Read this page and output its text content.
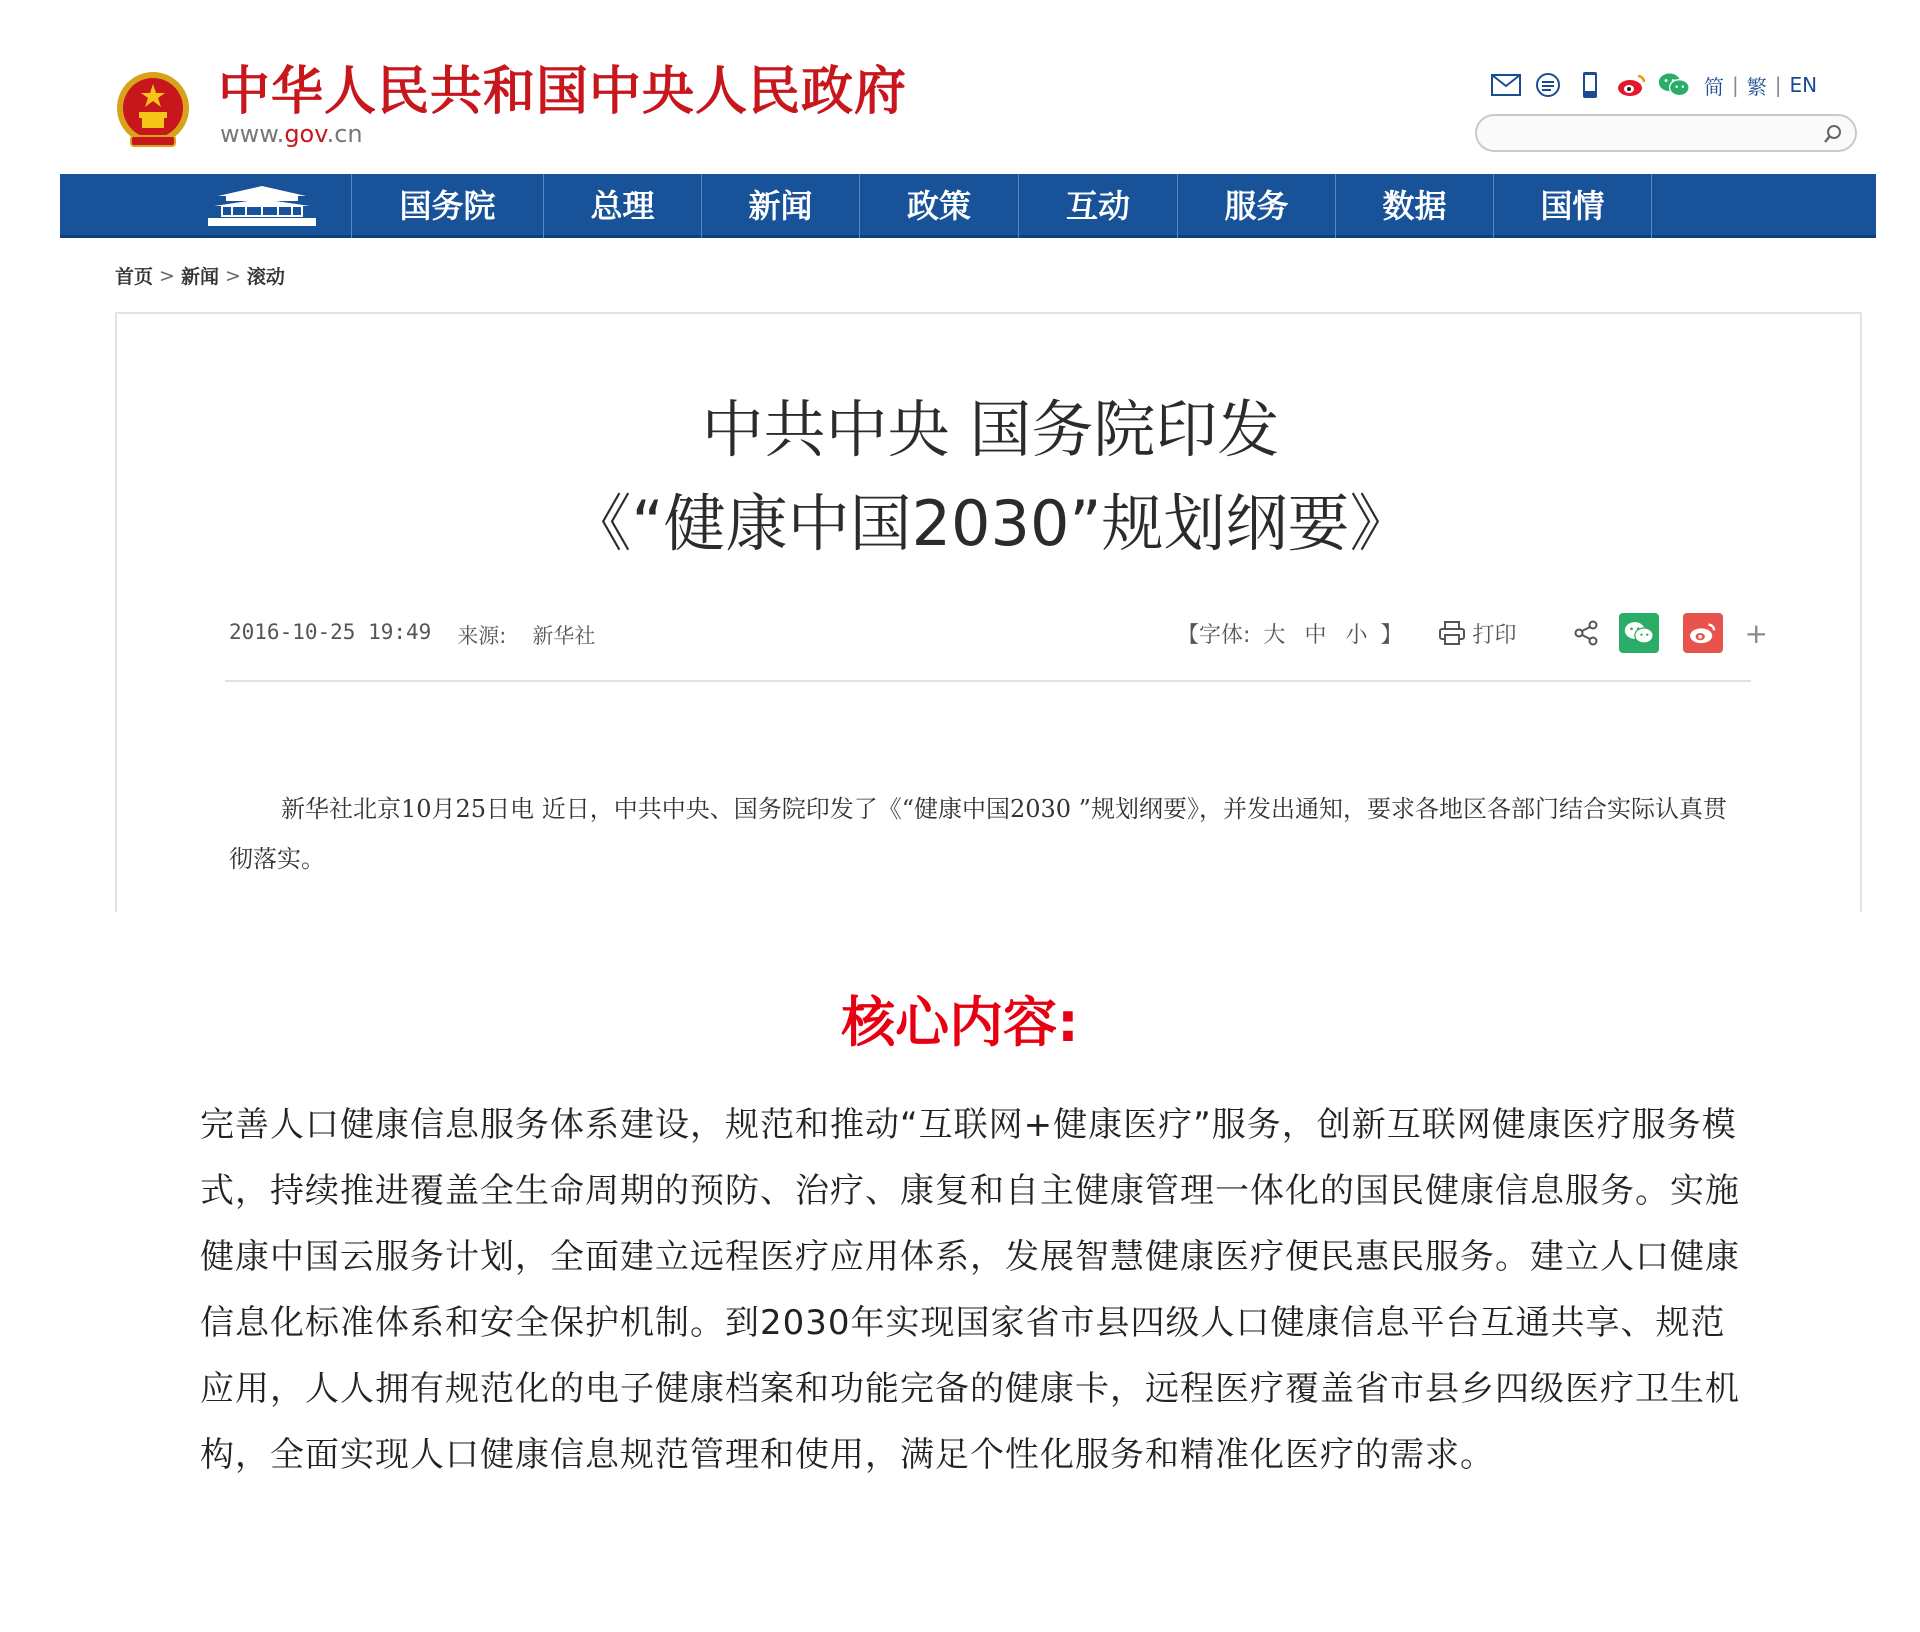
中华人民共和国中央人民政府
www.gov.cn
简 | 繁 | EN
国务院	总理	新闻	政策	互动	服务	数据	国情
首页 > 新闻 > 滚动
中共中央 国务院印发
《“健康中国2030”规划纲要》
2016-10-25 19:49 来源: 新华社	【字体: 大 中 小 】	打印	+

新华社北京10月25日电 近日，中共中央、国务院印发了《“健康中国2030 ”规划纲要》，并发出通知，要求各地区各部门结合实际认真贯彻落实。

核心内容:

完善人口健康信息服务体系建设，规范和推动“互联网+健康医疗”服务，创新互联网健康医疗服务模式，持续推进覆盖全生命周期的预防、治疗、康复和自主健康管理一体化的国民健康信息服务。实施健康中国云服务计划，全面建立远程医疗应用体系，发展智慧健康医疗便民惠民服务。建立人口健康信息化标准体系和安全保护机制。到2030年实现国家省市县四级人口健康信息平台互通共享、规范应用，人人拥有规范化的电子健康档案和功能完备的健康卡，远程医疗覆盖省市县乡四级医疗卫生机构，全面实现人口健康信息规范管理和使用，满足个性化服务和精准化医疗的需求。
